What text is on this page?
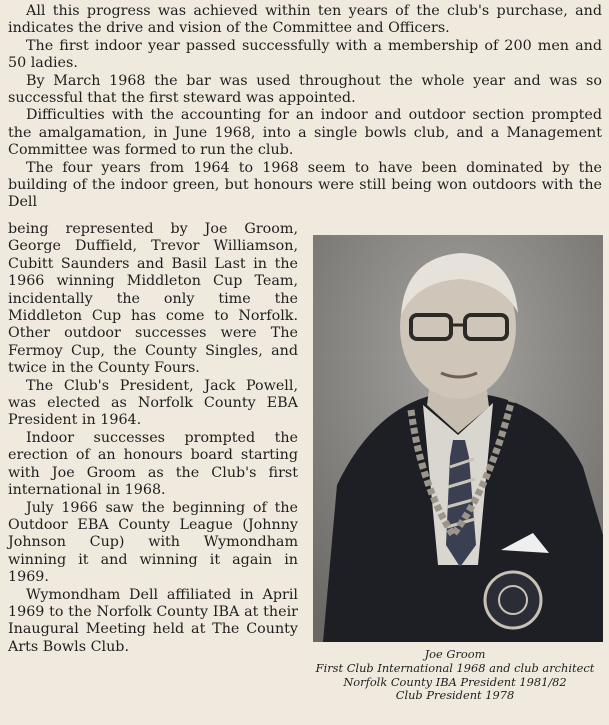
All this progress was achieved within ten years of the club's purchase, and indicates the drive and vision of the Committee and Officers.

The first indoor year passed successfully with a membership of 200 men and 50 ladies.

By March 1968 the bar was used throughout the whole year and was so successful that the first steward was appointed.

Difficulties with the accounting for an indoor and outdoor section prompted the amalgamation, in June 1968, into a single bowls club, and a Management Committee was formed to run the club.

The four years from 1964 to 1968 seem to have been dominated by the building of the indoor green, but honours were still being won outdoors with the Dell

being represented by Joe Groom, George Duffield, Trevor Williamson, Cubitt Saunders and Basil Last in the 1966 winning Middleton Cup Team, incidentally the only time the Middleton Cup has come to Norfolk. Other outdoor successes were The Fermoy Cup, the County Singles, and twice in the County Fours.

The Club's President, Jack Powell, was elected as Norfolk County EBA President in 1964.

Indoor successes prompted the erection of an honours board starting with Joe Groom as the Club's first international in 1968.

July 1966 saw the beginning of the Outdoor EBA County League (Johnny Johnson Cup) with Wymondham winning it and winning it again in 1969.

Wymondham Dell affiliated in April 1969 to the Norfolk County IBA at their Inaugural Meeting held at The County Arts Bowls Club.	Joe Groom
First Club International 1968 and club architect
Norfolk County IBA President 1981/82
Club President 1978
